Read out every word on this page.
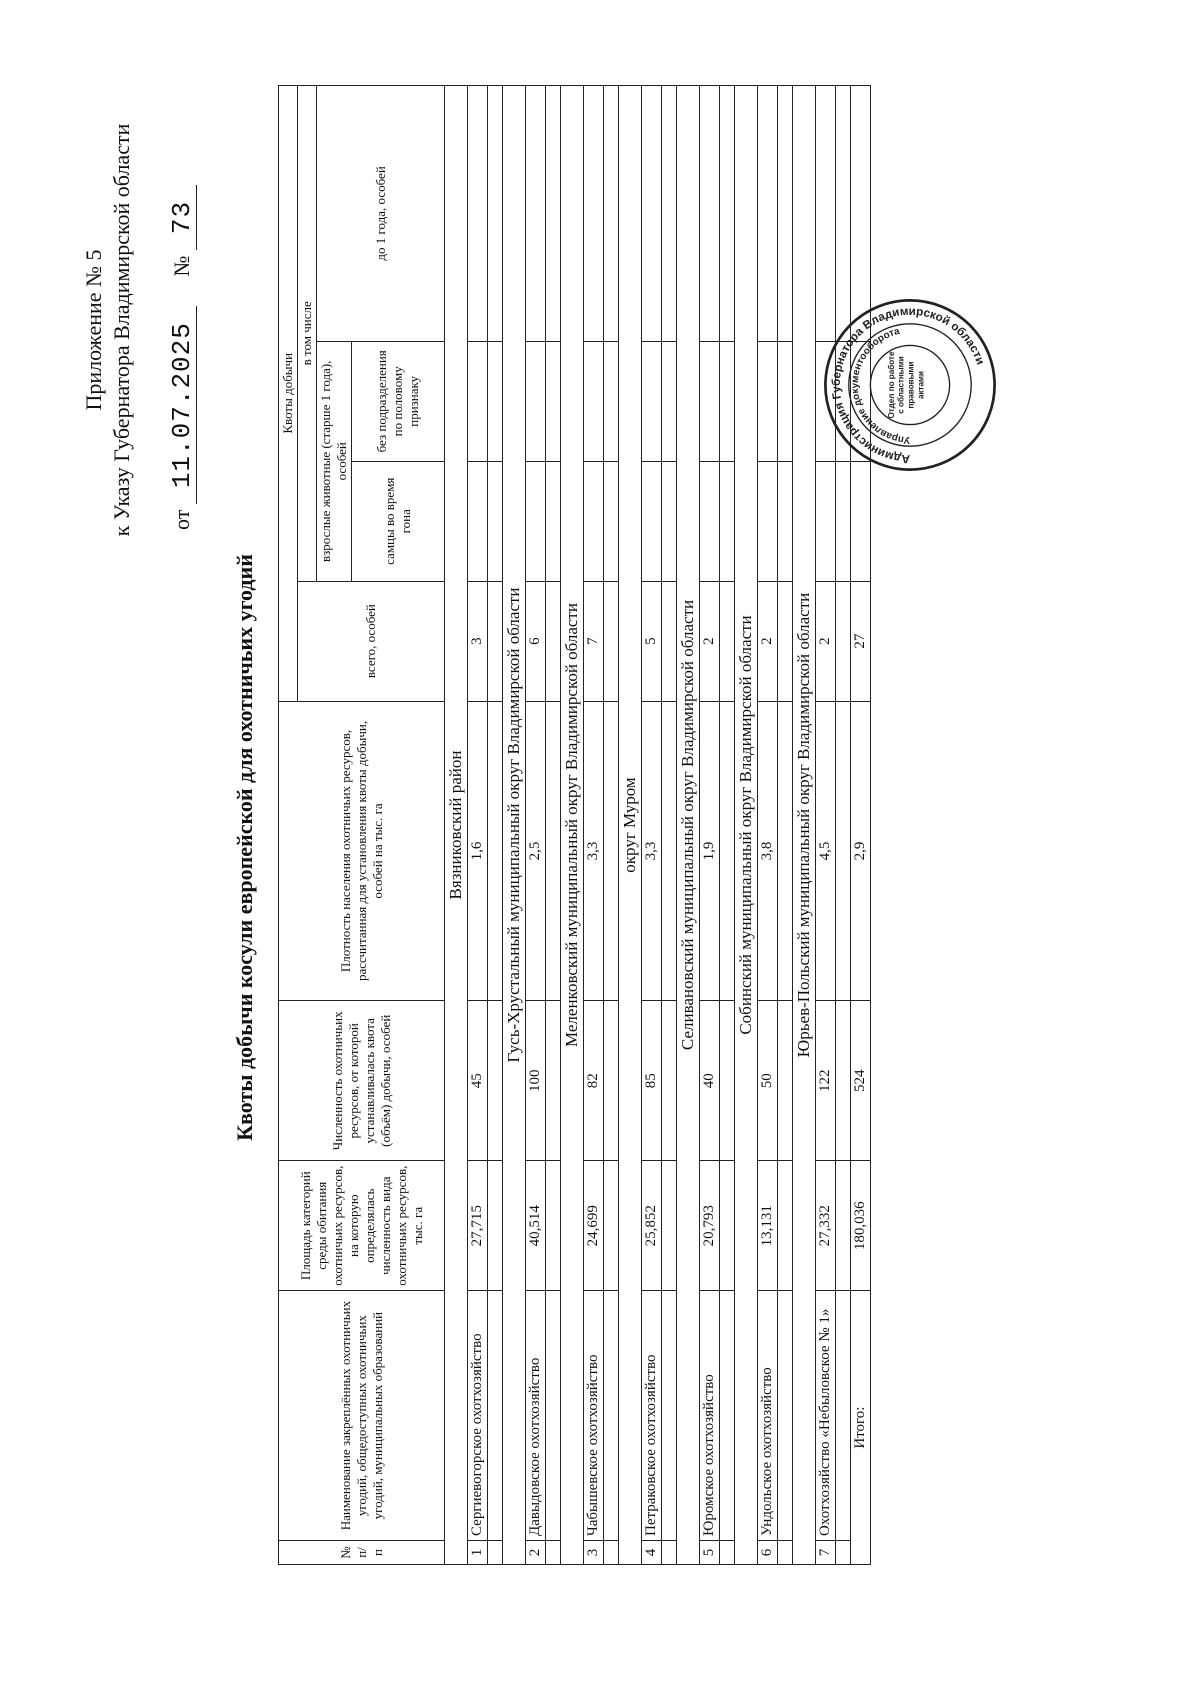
Приложение № 5 к Указу Губернатора Владимирской области от 11.07.2025 № 73
Квоты добычи косули европейской для охотничьих угодий
№ п/п	Наименование закреплённых охотничьих угодий, общедоступных охотничьих угодий, муниципальных образований	Площадь категорий среды обитания охотничьих ресурсов, на которую определялась численность вида охотничьих ресурсов, тыс. га	Численность охотничьих ресурсов, от которой устанавливалась квота (объём) добычи, особей	Плотность населения охотничьих ресурсов, рассчитанная для установления квоты добычи, особей на тыс. га	Квоты добычи			
					всего, особей	в том числе		
						взрослые животные (старше 1 года), особей		до 1 года, особей
						самцы во время гона	без подразделения по половому признаку	
Вязниковский район								
1	Сергиевогорское охотхозяйство	27,715	45	1,6	3			

Гусь-Хрустальный муниципальный округ Владимирской области								
2	Давыдовское охотхозяйство	40,514	100	2,5	6			

Меленковский муниципальный округ Владимирской области								
3	Чабышевское охотхозяйство	24,699	82	3,3	7			

округ Муром								
4	Петраковское охотхозяйство	25,852	85	3,3	5			

Селивановский муниципальный округ Владимирской области								
5	Юромское охотхозяйство	20,793	40	1,9	2			

Собинский муниципальный округ Владимирской области								
6	Ундольское охотхозяйство	13,131	50	3,8	2			

Юрьев-Польский муниципальный округ Владимирской области								
7	Охотхозяйство «Небыловское № 1»	27,332	122	4,5	2			

Итого:		180,036	524	2,9	27			
Администрация Губернатора Владимирской области
Управление документооборота
Отдел по работе с областными правовыми актами
